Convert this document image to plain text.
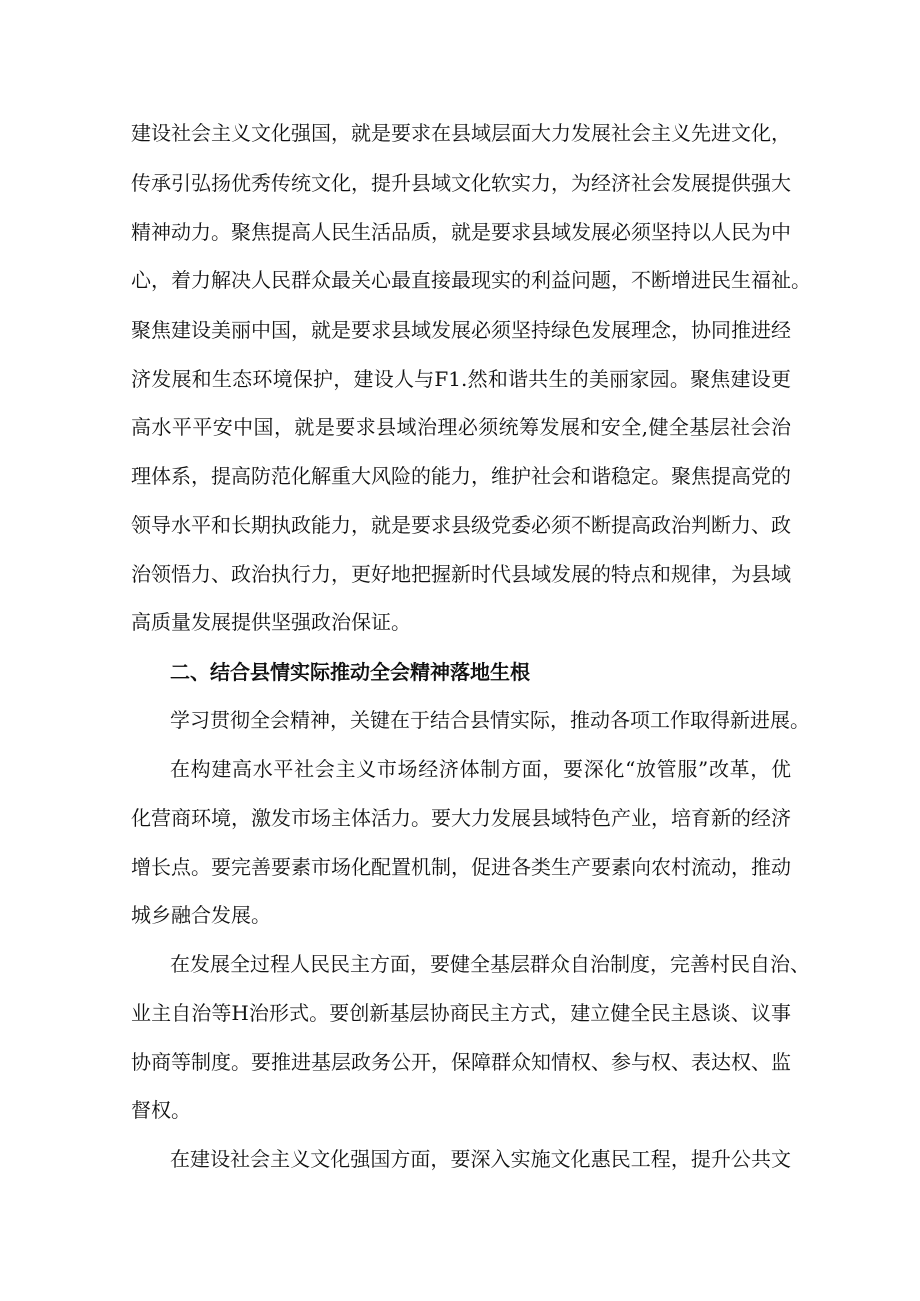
建设社会主义文化强国，就是要求在县域层面大力发展社会主义先进文化，
传承引弘扬优秀传统文化，提升县域文化软实力，为经济社会发展提供强大
精神动力。聚焦提高人民生活品质，就是要求县域发展必须坚持以人民为中
心，着力解决人民群众最关心最直接最现实的利益问题，不断增进民生福祉。
聚焦建设美丽中国，就是要求县域发展必须坚持绿色发展理念，协同推进经
济发展和生态环境保护，建设人与F1.然和谐共生的美丽家园。聚焦建设更
高水平平安中国，就是要求县域治理必须统筹发展和安全,健全基层社会治
理体系，提高防范化解重大风险的能力，维护社会和谐稳定。聚焦提高党的
领导水平和长期执政能力，就是要求县级党委必须不断提高政治判断力、政
治领悟力、政治执行力，更好地把握新时代县域发展的特点和规律，为县域
高质量发展提供坚强政治保证。
二、结合县情实际推动全会精神落地生根
学习贯彻全会精神，关键在于结合县情实际，推动各项工作取得新进展。
在构建高水平社会主义市场经济体制方面，要深化“放管服”改革，优
化营商环境，激发市场主体活力。要大力发展县域特色产业，培育新的经济
增长点。要完善要素市场化配置机制，促进各类生产要素向农村流动，推动
城乡融合发展。
在发展全过程人民民主方面，要健全基层群众自治制度，完善村民自治、
业主自治等H治形式。要创新基层协商民主方式，建立健全民主恳谈、议事
协商等制度。要推进基层政务公开，保障群众知情权、参与权、表达权、监
督权。
在建设社会主义文化强国方面，要深入实施文化惠民工程，提升公共文
